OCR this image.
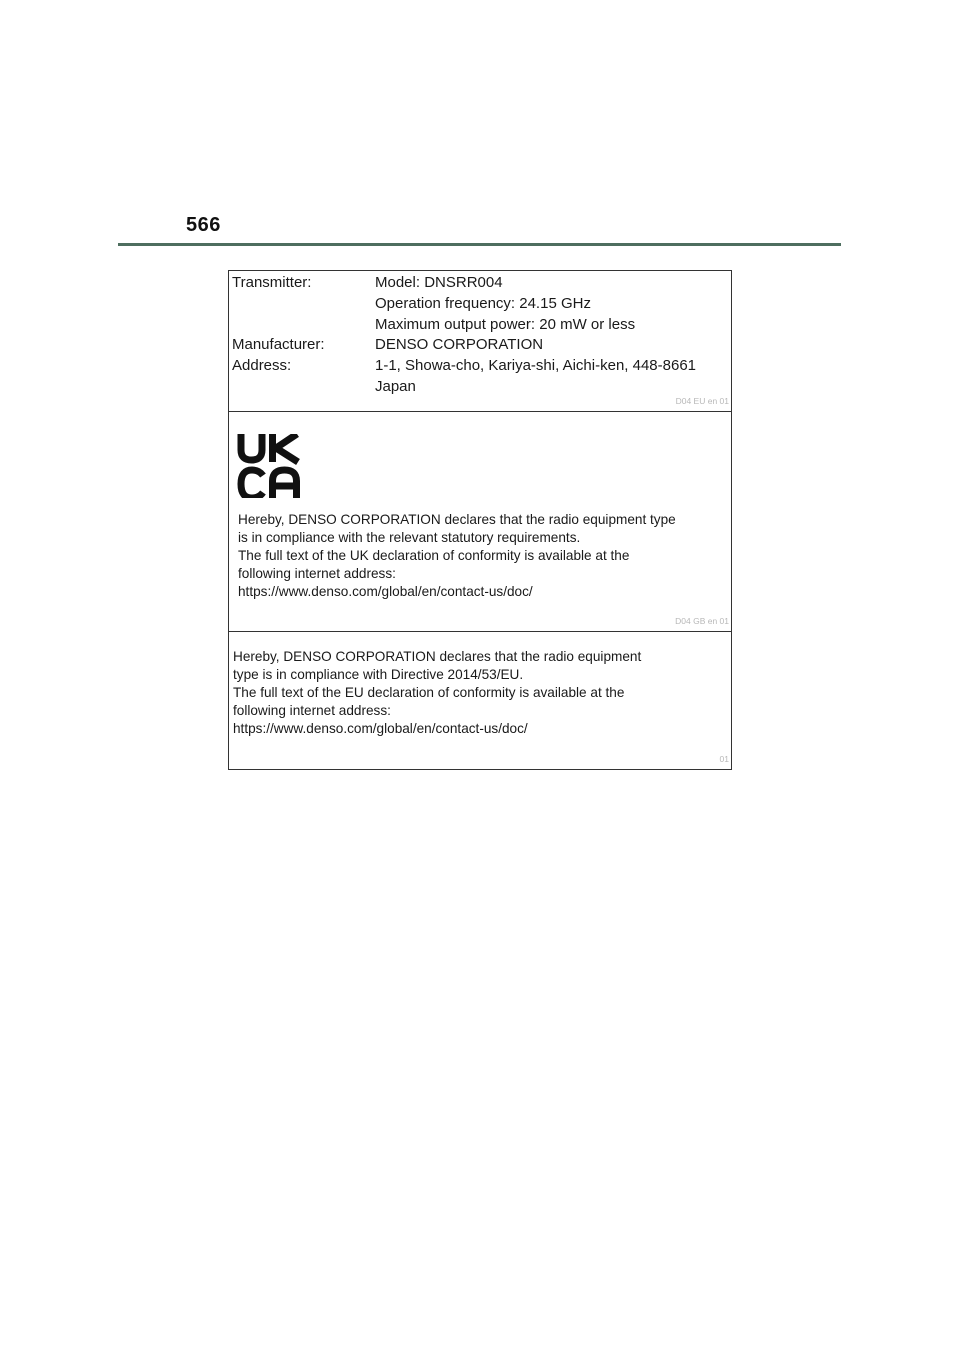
566
Transmitter:	Model: DNSRR004
Operation frequency: 24.15 GHz
Maximum output power: 20 mW or less
Manufacturer:	DENSO CORPORATION
Address:	1-1, Showa-cho, Kariya-shi, Aichi-ken, 448-8661
Japan
D04 EU en 01
Hereby, DENSO CORPORATION declares that the radio equipment type
is in compliance with the relevant statutory requirements.
The full text of the UK declaration of conformity is available at the
following internet address:
https://www.denso.com/global/en/contact-us/doc/
D04 GB en 01
Hereby, DENSO CORPORATION declares that the radio equipment
type is in compliance with Directive 2014/53/EU.
The full text of the EU declaration of conformity is available at the
following internet address:
https://www.denso.com/global/en/contact-us/doc/
01
